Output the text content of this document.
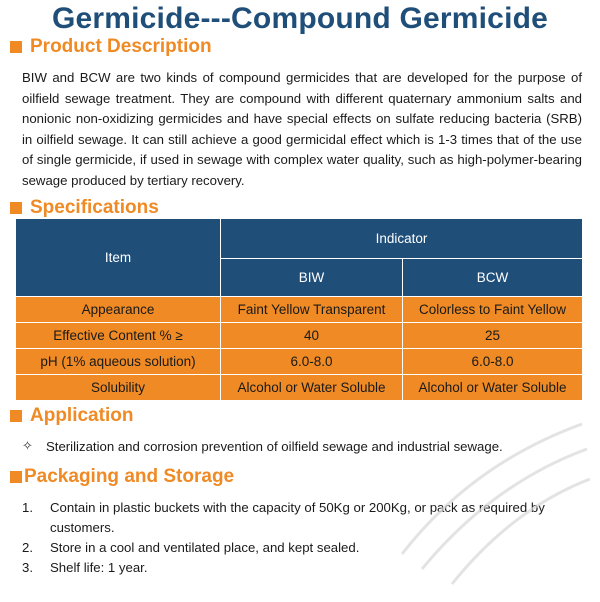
Germicide---Compound Germicide
Product Description
BIW and BCW are two kinds of compound germicides that are developed for the purpose of oilfield sewage treatment. They are compound with different quaternary ammonium salts and nonionic non-oxidizing germicides and have special effects on sulfate reducing bacteria (SRB) in oilfield sewage. It can still achieve a good germicidal effect which is 1-3 times that of the use of single germicide, if used in sewage with complex water quality, such as high-polymer-bearing sewage produced by tertiary recovery.
Specifications
Item	Indicator	
	BIW	BCW
Appearance	Faint Yellow Transparent	Colorless to Faint Yellow
Effective Content % ≥	40	25
pH (1% aqueous solution)	6.0-8.0	6.0-8.0
Solubility	Alcohol or Water Soluble	Alcohol or Water Soluble
Application
✧ Sterilization and corrosion prevention of oilfield sewage and industrial sewage.
Packaging and Storage
1.	Contain in plastic buckets with the capacity of 50Kg or 200Kg, or pack as required by customers.
2.	Store in a cool and ventilated place, and kept sealed.
3.	Shelf life: 1 year.
